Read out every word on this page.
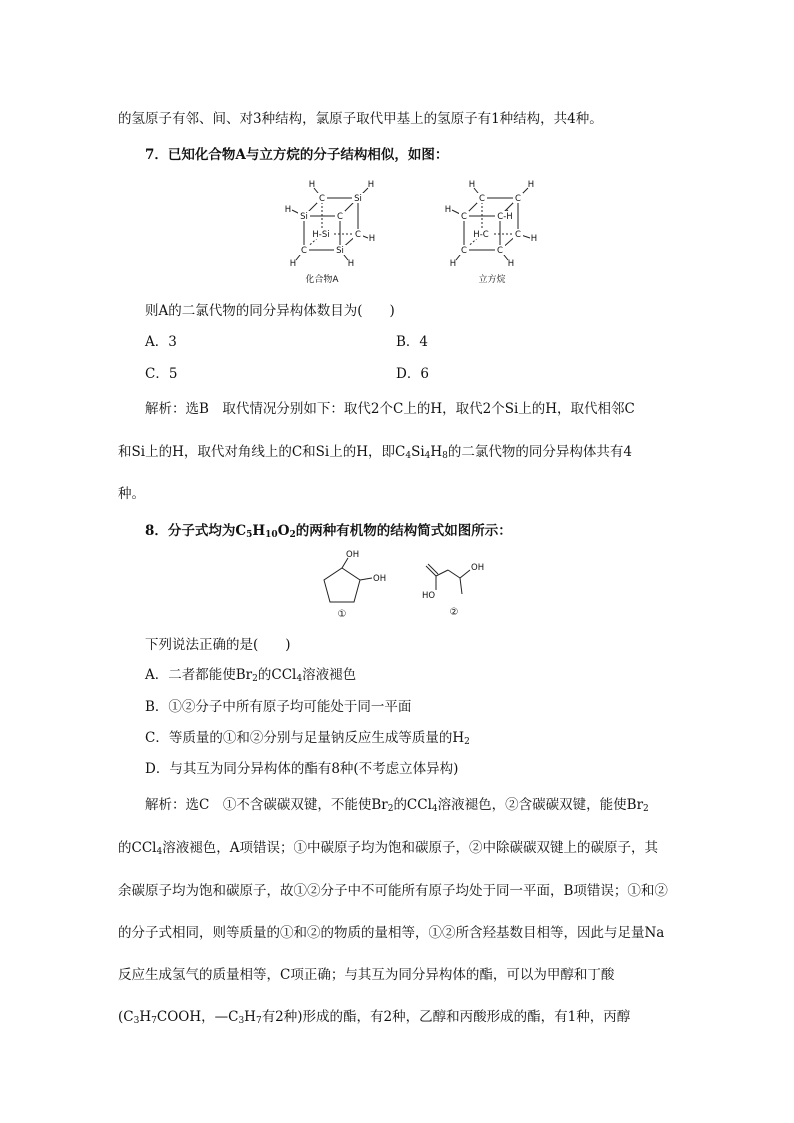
的氢原子有邻、间、对3种结构，氯原子取代甲基上的氢原子有1种结构，共4种。
7．已知化合物A与立方烷的分子结构相似，如图：
C	Si
Si	C
H-Si	C
C	Si
H	H
H
H
H	H
化合物A
C	C
C	C-H
H-C	C
C	C
H	H
H
H
H	H
立方烷
则A的二氯代物的同分异构体数目为(　　)
A．3	B．4
C．5	D．6
解析：选B　取代情况分别如下：取代2个C上的H，取代2个Si上的H，取代相邻C
和Si上的H，取代对角线上的C和Si上的H，即$C_4Si_4H_8$的二氯代物的同分异构体共有4
种。
8．分子式均为$C_5H_{10}O_2$的两种有机物的结构简式如图所示：
OH
OH
①
OH
HO
②
下列说法正确的是(　　)
A．二者都能使$Br_2$的CCl$_4$溶液褪色
B．①②分子中所有原子均可能处于同一平面
C．等质量的①和②分别与足量钠反应生成等质量的$H_2$
D．与其互为同分异构体的酯有8种(不考虑立体异构)
解析：选C　①不含碳碳双键，不能使$Br_2$的CCl$_4$溶液褪色，②含碳碳双键，能使$Br_2$
的CCl$_4$溶液褪色，A项错误；①中碳原子均为饱和碳原子，②中除碳碳双键上的碳原子，其
余碳原子均为饱和碳原子，故①②分子中不可能所有原子均处于同一平面，B项错误；①和②
的分子式相同，则等质量的①和②的物质的量相等，①②所含羟基数目相等，因此与足量Na
反应生成氢气的质量相等，C项正确；与其互为同分异构体的酯，可以为甲醇和丁酸
($C_3H_7COOH$，$—C_3H_7$有2种)形成的酯，有2种，乙醇和丙酸形成的酯，有1种，丙醇
